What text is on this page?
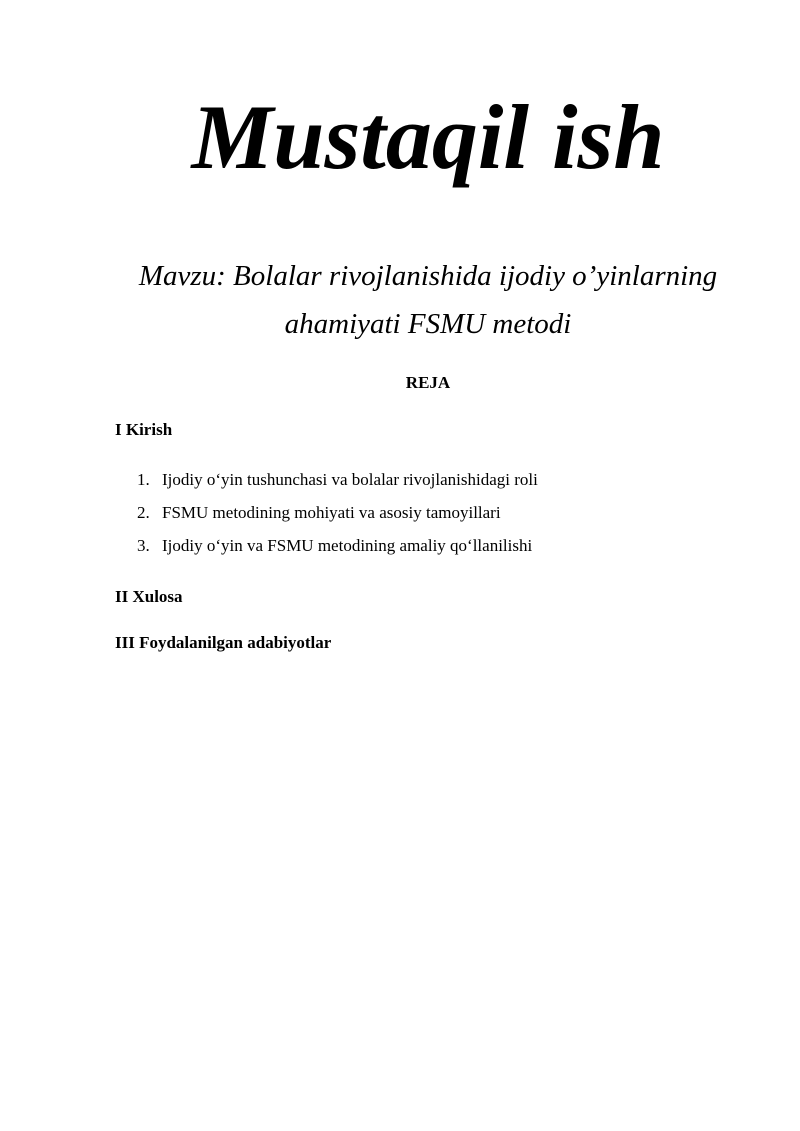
Mustaqil ish

Mavzu: Bolalar rivojlanishida ijodiy o’yinlarning ahamiyati FSMU metodi

REJA

I Kirish

1. Ijodiy o‘yin tushunchasi va bolalar rivojlanishidagi roli
2. FSMU metodining mohiyati va asosiy tamoyillari
3. Ijodiy o‘yin va FSMU metodining amaliy qo‘llanilishi

II Xulosa

III Foydalanilgan adabiyotlar
